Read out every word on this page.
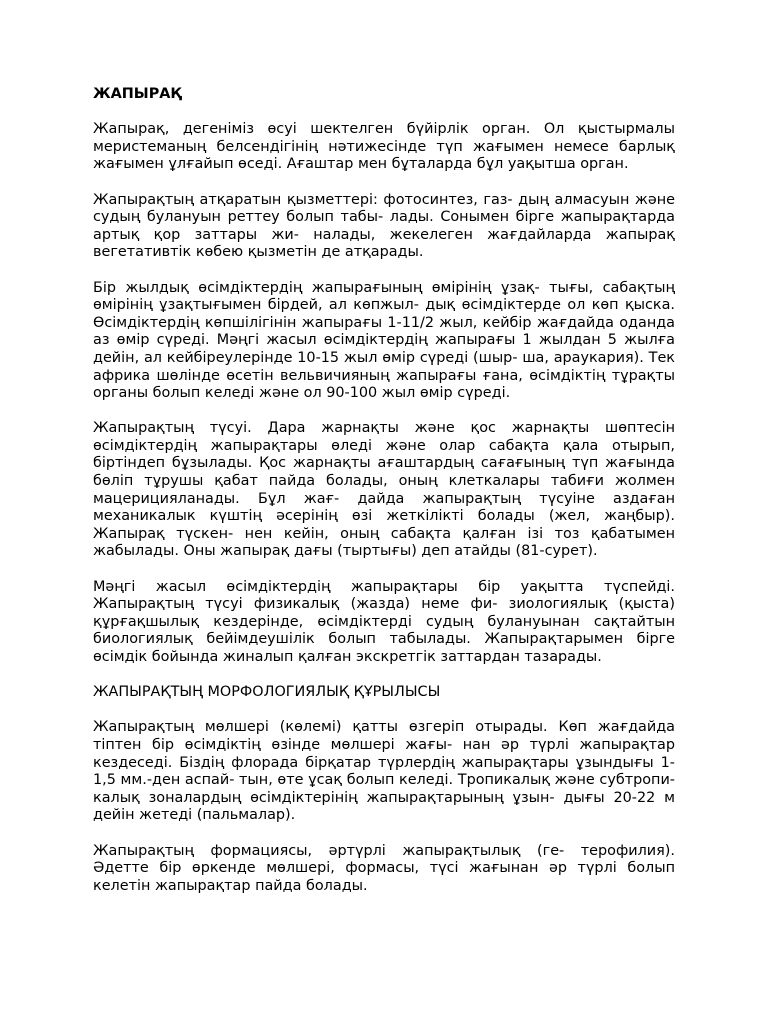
ЖАПЫРАҚ
Жапырақ, дегеніміз өсуі шектелген бүйірлік орган. Ол қыстырмалы меристеманың белсендігінің нәтижесінде түп жағымен немесе барлық жағымен ұлғайып өседі. Ағаштар мен бұталарда бұл уақытша орган.
Жапырақтың атқаратын қызметтері: фотосинтез, газ- дың алмасуын және судың булануын реттеу болып табы- лады. Сонымен бірге жапырақтарда артық қор заттары жи- налады, жекелеген жағдайларда жапырақ вегетативтік көбею қызметін де атқарады.
Бір жылдық өсімдіктердің жапырағының өмірінің ұзақ- тығы, сабақтың өмірінің ұзақтығымен бірдей, ал көпжыл- дық өсімдіктерде ол көп қыска. Өсімдіктердің көпшілігінін жапырағы 1-11/2 жыл, кейбір жағдайда оданда аз өмір сүреді. Мәңгі жасыл өсімдіктердің жапырағы 1 жылдан 5 жылға дейін, ал кейбіреулерінде 10-15 жыл өмір сүреді (шыр- ша, араукария). Тек африка шөлінде өсетін вельвичияның жапырағы ғана, өсімдіктің тұрақты органы болып келеді және ол 90-100 жыл өмір сүреді.
Жапырақтың түсуі. Дара жарнақты және қос жарнақты шөптесін өсімдіктердің жапырақтары өледі және олар сабақта қала отырып, біртіндеп бұзылады. Қос жарнақты ағаштардың сағағының түп жағында бөліп тұрушы қабат пайда болады, оның клеткалары табиғи жолмен мацерицияланады. Бұл жағ- дайда жапырақтың түсуіне аздаған механикалык күштің әсерінің өзі жеткілікті болады (жел, жаңбыр). Жапырақ түскен- нен кейін, оның сабақта қалған ізі тоз қабатымен жабылады. Оны жапырақ дағы (тыртығы) деп атайды (81-сурет).
Мәңгі жасыл өсімдіктердің жапырақтары бір уақытта түспейді. Жапырақтың түсуі физикалық (жазда) неме фи- зиологиялық (қыста) құрғақшылық кездерінде, өсімдіктерді судың булануынан сақтайтын биологиялық бейімдеушілік болып табылады. Жапырақтарымен бірге өсімдік бойында жиналып қалған экскретгік заттардан тазарады.
ЖАПЫРАҚТЫҢ МОРФОЛОГИЯЛЫҚ ҚҰРЫЛЫСЫ
Жапырақтың мөлшері (көлемі) қатты өзгеріп отырады. Көп жағдайда тіптен бір өсімдіктің өзінде мөлшері жағы- нан әр түрлі жапырақтар кездеседі. Біздің флорада бірқатар түрлердің жапырақтары ұзындығы 1-1,5 мм.-ден аспай- тын, өте ұсақ болып келеді. Тропикалық және субтропи- калық зоналардың өсімдіктерінің жапырақтарының ұзын- дығы 20-22 м дейін жетеді (пальмалар).
Жапырақтың формациясы, әртүрлі жапырақтылық (ге- терофилия). Әдетте бір өркенде мөлшері, формасы, түсі жағынан әр түрлі болып келетін жапырақтар пайда болады.
